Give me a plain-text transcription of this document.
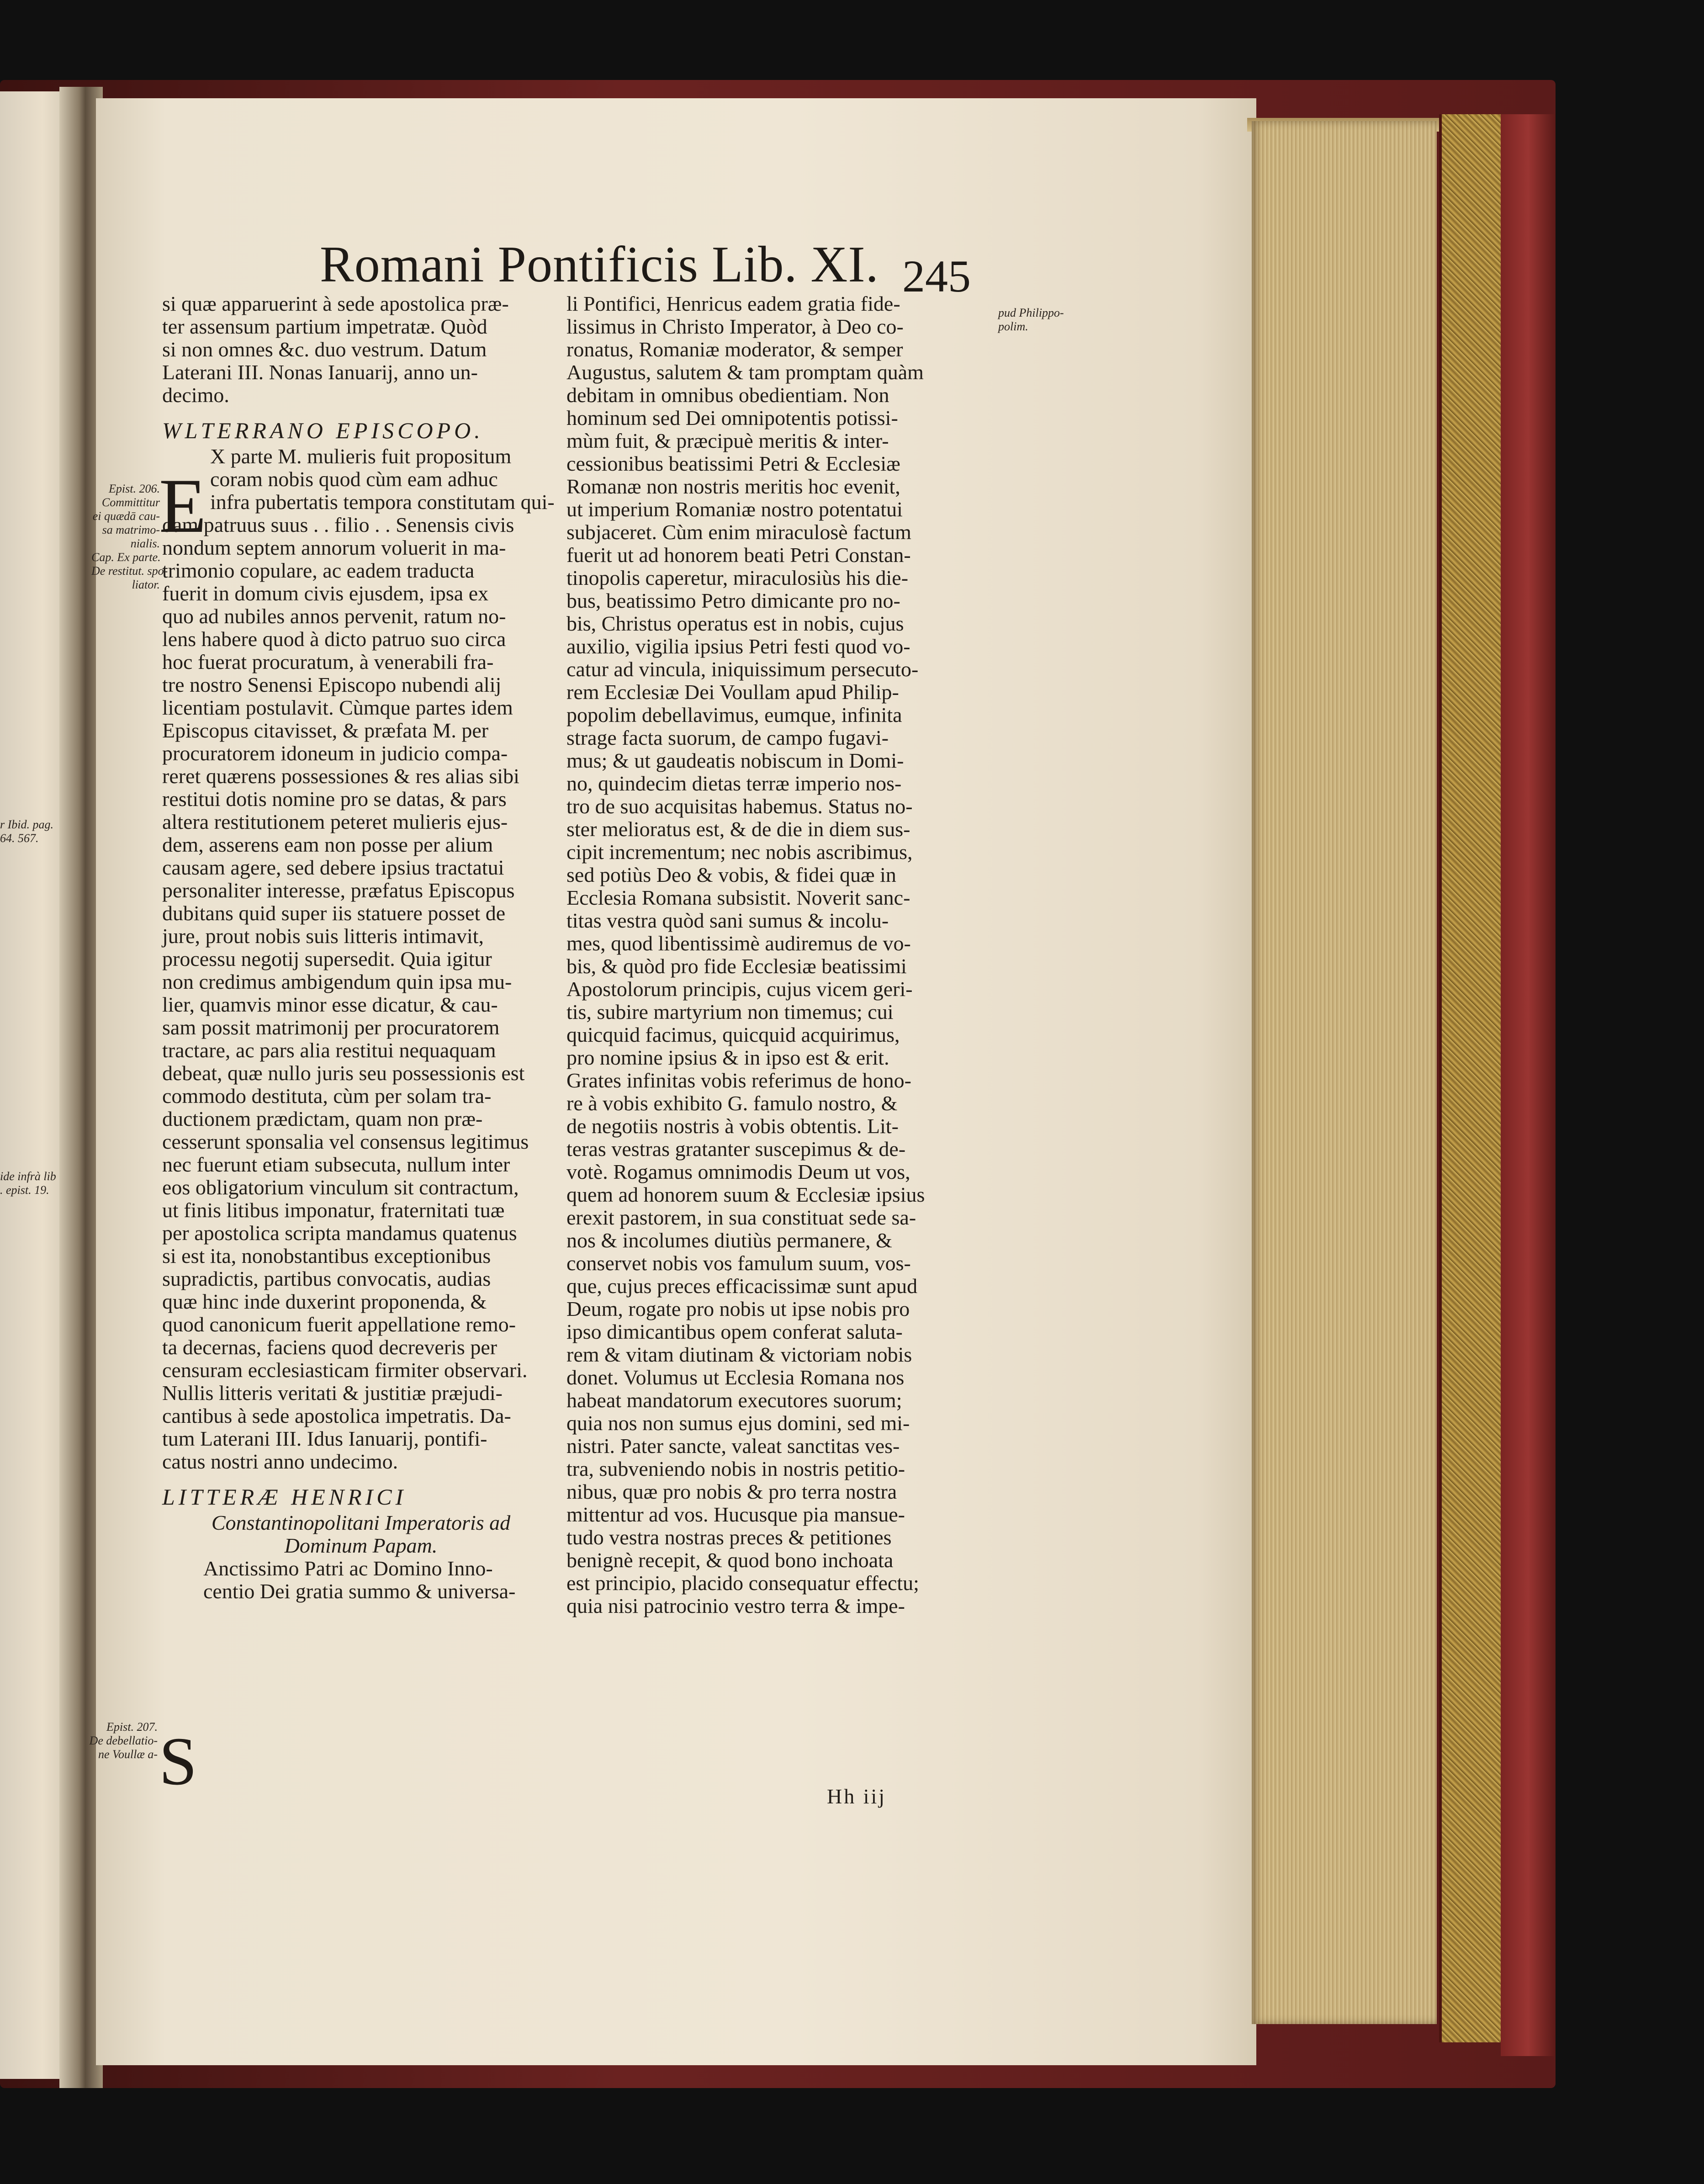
Romani Pontificis Lib. XI. 245
r Ibid. pag.
64. 567.
ide infrà lib
. epist. 19.
Epist. 206.
Committitur
ei quædā cau-
sa matrimo-
nialis.
Cap. Ex parte.
De restitut. spo-
liator.
Epist. 207.
De debellatio-
ne Voullæ a-
pud Philippo-
polim.
si quæ apparuerint à sede apostolica præ-
ter assensum partium impetratæ. Quòd
si non omnes &c. duo vestrum. Datum
Laterani III. Nonas Ianuarij, anno un-
decimo.
WLTERRANO EPISCOPO.
X parte M. mulieris fuit propositum
coram nobis quod cùm eam adhuc
infra pubertatis tempora constitutam qui-
dam patruus suus . . filio . . Senensis civis
nondum septem annorum voluerit in ma-
trimonio copulare, ac eadem traducta
fuerit in domum civis ejusdem, ipsa ex
quo ad nubiles annos pervenit, ratum no-
lens habere quod à dicto patruo suo circa
hoc fuerat procuratum, à venerabili fra-
tre nostro Senensi Episcopo nubendi alij
licentiam postulavit. Cùmque partes idem
Episcopus citavisset, & præfata M. per
procuratorem idoneum in judicio compa-
reret quærens possessiones & res alias sibi
restitui dotis nomine pro se datas, & pars
altera restitutionem peteret mulieris ejus-
dem, asserens eam non posse per alium
causam agere, sed debere ipsius tractatui
personaliter interesse, præfatus Episcopus
dubitans quid super iis statuere posset de
jure, prout nobis suis litteris intimavit,
processu negotij supersedit. Quia igitur
non credimus ambigendum quin ipsa mu-
lier, quamvis minor esse dicatur, & cau-
sam possit matrimonij per procuratorem
tractare, ac pars alia restitui nequaquam
debeat, quæ nullo juris seu possessionis est
commodo destituta, cùm per solam tra-
ductionem prædictam, quam non præ-
cesserunt sponsalia vel consensus legitimus
nec fuerunt etiam subsecuta, nullum inter
eos obligatorium vinculum sit contractum,
ut finis litibus imponatur, fraternitati tuæ
per apostolica scripta mandamus quatenus
si est ita, nonobstantibus exceptionibus
supradictis, partibus convocatis, audias
quæ hinc inde duxerint proponenda, &
quod canonicum fuerit appellatione remo-
ta decernas, faciens quod decreveris per
censuram ecclesiasticam firmiter observari.
Nullis litteris veritati & justitiæ præjudi-
cantibus à sede apostolica impetratis. Da-
tum Laterani III. Idus Ianuarij, pontifi-
catus nostri anno undecimo.
LITTERÆ HENRICI
Constantinopolitani Imperatoris ad
Dominum Papam.
Anctissimo Patri ac Domino Inno-
centio Dei gratia summo & universa-
li Pontifici, Henricus eadem gratia fide-
lissimus in Christo Imperator, à Deo co-
ronatus, Romaniæ moderator, & semper
Augustus, salutem & tam promptam quàm
debitam in omnibus obedientiam. Non
hominum sed Dei omnipotentis potissi-
mùm fuit, & præcipuè meritis & inter-
cessionibus beatissimi Petri & Ecclesiæ
Romanæ non nostris meritis hoc evenit,
ut imperium Romaniæ nostro potentatui
subjaceret. Cùm enim miraculosè factum
fuerit ut ad honorem beati Petri Constan-
tinopolis caperetur, miraculosiùs his die-
bus, beatissimo Petro dimicante pro no-
bis, Christus operatus est in nobis, cujus
auxilio, vigilia ipsius Petri festi quod vo-
catur ad vincula, iniquissimum persecuto-
rem Ecclesiæ Dei Voullam apud Philip-
popolim debellavimus, eumque, infinita
strage facta suorum, de campo fugavi-
mus; & ut gaudeatis nobiscum in Domi-
no, quindecim dietas terræ imperio nos-
tro de suo acquisitas habemus. Status no-
ster melioratus est, & de die in diem sus-
cipit incrementum; nec nobis ascribimus,
sed potiùs Deo & vobis, & fidei quæ in
Ecclesia Romana subsistit. Noverit sanc-
titas vestra quòd sani sumus & incolu-
mes, quod libentissimè audiremus de vo-
bis, & quòd pro fide Ecclesiæ beatissimi
Apostolorum principis, cujus vicem geri-
tis, subire martyrium non timemus; cui
quicquid facimus, quicquid acquirimus,
pro nomine ipsius & in ipso est & erit.
Grates infinitas vobis referimus de hono-
re à vobis exhibito G. famulo nostro, &
de negotiis nostris à vobis obtentis. Lit-
teras vestras gratanter suscepimus & de-
votè. Rogamus omnimodis Deum ut vos,
quem ad honorem suum & Ecclesiæ ipsius
erexit pastorem, in sua constituat sede sa-
nos & incolumes diutiùs permanere, &
conservet nobis vos famulum suum, vos-
que, cujus preces efficacissimæ sunt apud
Deum, rogate pro nobis ut ipse nobis pro
ipso dimicantibus opem conferat saluta-
rem & vitam diutinam & victoriam nobis
donet. Volumus ut Ecclesia Romana nos
habeat mandatorum executores suorum;
quia nos non sumus ejus domini, sed mi-
nistri. Pater sancte, valeat sanctitas ves-
tra, subveniendo nobis in nostris petitio-
nibus, quæ pro nobis & pro terra nostra
mittentur ad vos. Hucusque pia mansue-
tudo vestra nostras preces & petitiones
benignè recepit, & quod bono inchoata
est principio, placido consequatur effectu;
quia nisi patrocinio vestro terra & impe-
E
S	Hh iij
